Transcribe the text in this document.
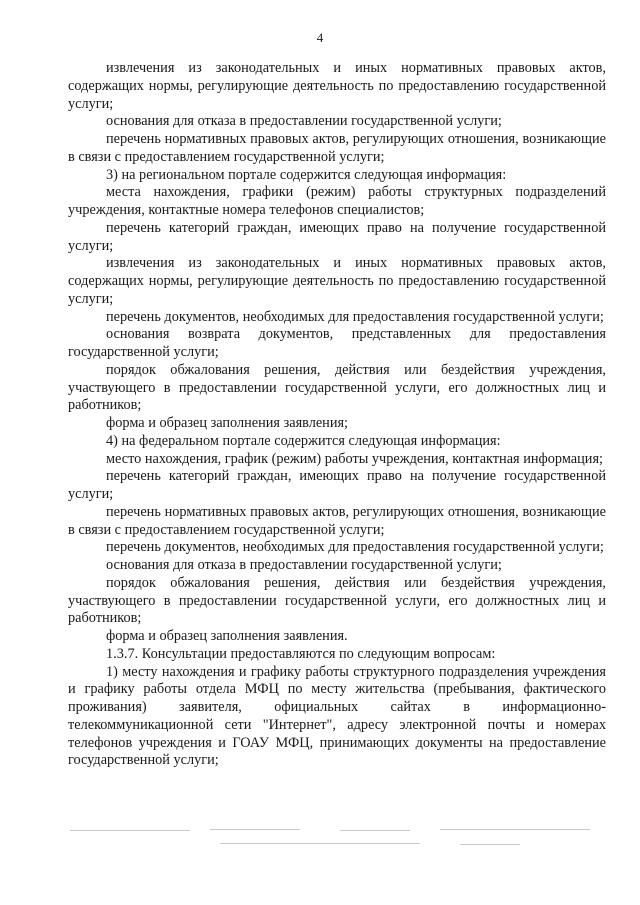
4

извлечения из законодательных и иных нормативных правовых актов, содержащих нормы, регулирующие деятельность по предоставлению государственной услуги;

основания для отказа в предоставлении государственной услуги;

перечень нормативных правовых актов, регулирующих отношения, возникающие в связи с предоставлением государственной услуги;

3) на региональном портале содержится следующая информация:

места нахождения, графики (режим) работы структурных подразделений учреждения, контактные номера телефонов специалистов;

перечень категорий граждан, имеющих право на получение государственной услуги;

извлечения из законодательных и иных нормативных правовых актов, содержащих нормы, регулирующие деятельность по предоставлению государственной услуги;

перечень документов, необходимых для предоставления государственной услуги;

основания возврата документов, представленных для предоставления государственной услуги;

порядок обжалования решения, действия или бездействия учреждения, участвующего в предоставлении государственной услуги, его должностных лиц и работников;

форма и образец заполнения заявления;

4) на федеральном портале содержится следующая информация:

место нахождения, график (режим) работы учреждения, контактная информация;

перечень категорий граждан, имеющих право на получение государственной услуги;

перечень нормативных правовых актов, регулирующих отношения, возникающие в связи с предоставлением государственной услуги;

перечень документов, необходимых для предоставления государственной услуги;

основания для отказа в предоставлении государственной услуги;

порядок обжалования решения, действия или бездействия учреждения, участвующего в предоставлении государственной услуги, его должностных лиц и работников;

форма и образец заполнения заявления.

1.3.7. Консультации предоставляются по следующим вопросам:

1) месту нахождения и графику работы структурного подразделения учреждения и графику работы отдела МФЦ по месту жительства (пребывания, фактического проживания) заявителя, официальных сайтах в информационно-телекоммуникационной сети "Интернет", адресу электронной почты и номерах телефонов учреждения и ГОАУ МФЦ, принимающих документы на предоставление государственной услуги;
